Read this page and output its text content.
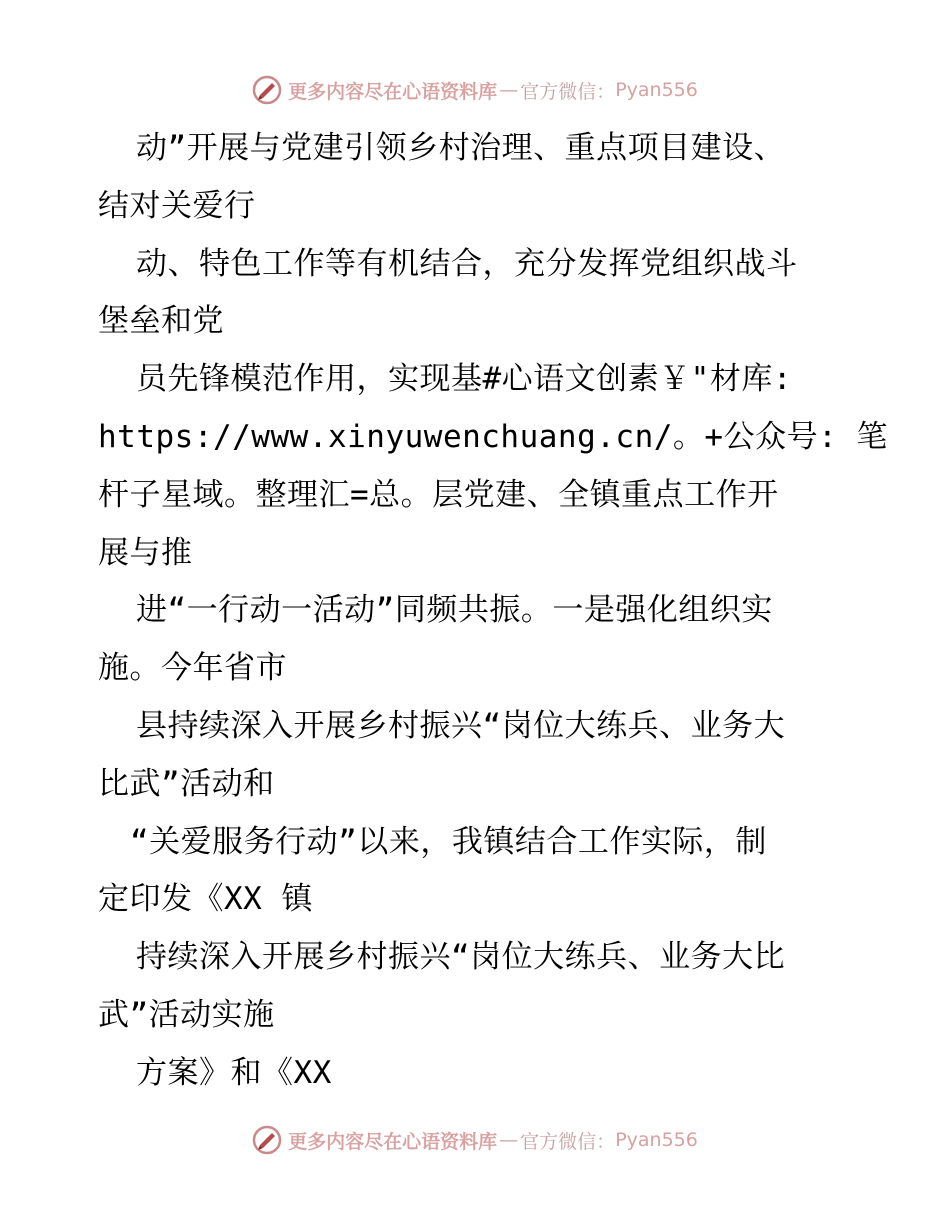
更多内容尽在心语资料库 — 官方微信： Pyan556
动”开展与党建引领乡村治理、重点项目建设、
结对关爱行
动、特色工作等有机结合，充分发挥党组织战斗
堡垒和党
员先锋模范作用，实现基#心语文创素￥"材库:
https://www.xinyuwenchuang.cn/。+公众号: 笔
杆子星域。整理汇=总。层党建、全镇重点工作开
展与推
进“一行动一活动”同频共振。一是强化组织实
施。今年省市
县持续深入开展乡村振兴“岗位大练兵、业务大
比武”活动和
“关爱服务行动”以来，我镇结合工作实际，制
定印发《XX 镇
持续深入开展乡村振兴“岗位大练兵、业务大比
武”活动实施
方案》和《XX
更多内容尽在心语资料库 — 官方微信： Pyan556
